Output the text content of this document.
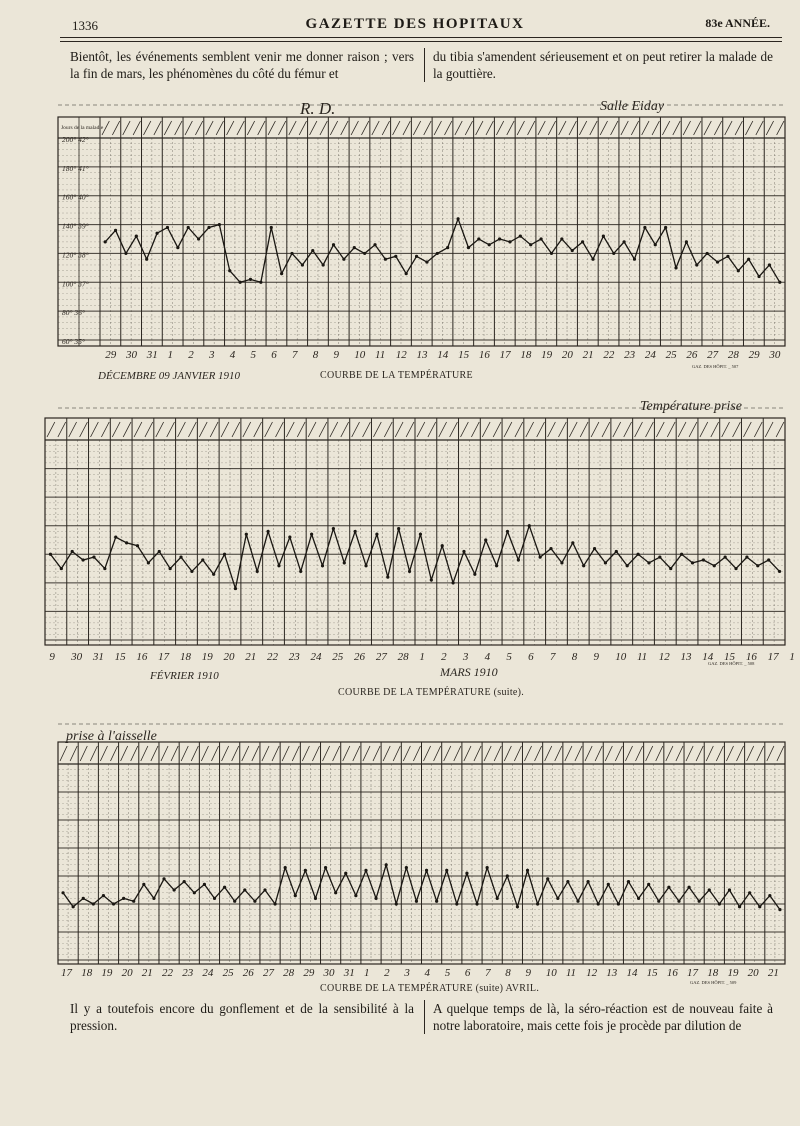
1336	GAZETTE DES HOPITAUX	83e ANNÉE.

Bientôt, les événements semblent venir me donner raison ; vers la fin de mars, les phénomènes du côté du fémur et

du tibia s'amendent sérieusement et on peut retirer la malade de la gouttière.

R. D.	Salle Eiday
Jours de la maladie
200° 42°
180° 41°
160° 40°
140° 39°
120° 38°
100° 37°
80° 36°
60° 35°
29 30 31 1 2 3 4 5 6 7 8 9 10 11 12 13 14 15 16 17 18 19 20 21 22 23 24 25 26 27 28 29 30
DÉCEMBRE 09 JANVIER 1910	COURBE DE LA TEMPÉRATURE
GAZ. DES HÔPIT. _ 507
Température prise
9 30 31 15 16 17 18 19 20 21 22 23 24 25 26 27 28 1 2 3 4 5 6 7 8 9 10 11 12 13 14 15 16 17 1
FÉVRIER 1910	MARS 1910
COURBE DE LA TEMPÉRATURE (suite).
GAZ. DES HÔPIT. _ 508
prise à l'aisselle
17 18 19 20 21 22 23 24 25 26 27 28 29 30 31 1 2 3 4 5 6 7 8 9 10 11 12 13 14 15 16 17 18 19 20 21
COURBE DE LA TEMPÉRATURE (suite) AVRIL.
GAZ. DES HÔPIT. _ 509

Il y a toutefois encore du gonflement et de la sensibilité à la pression.

A quelque temps de là, la séro-réaction est de nouveau faite à notre laboratoire, mais cette fois je procède par dilution de
